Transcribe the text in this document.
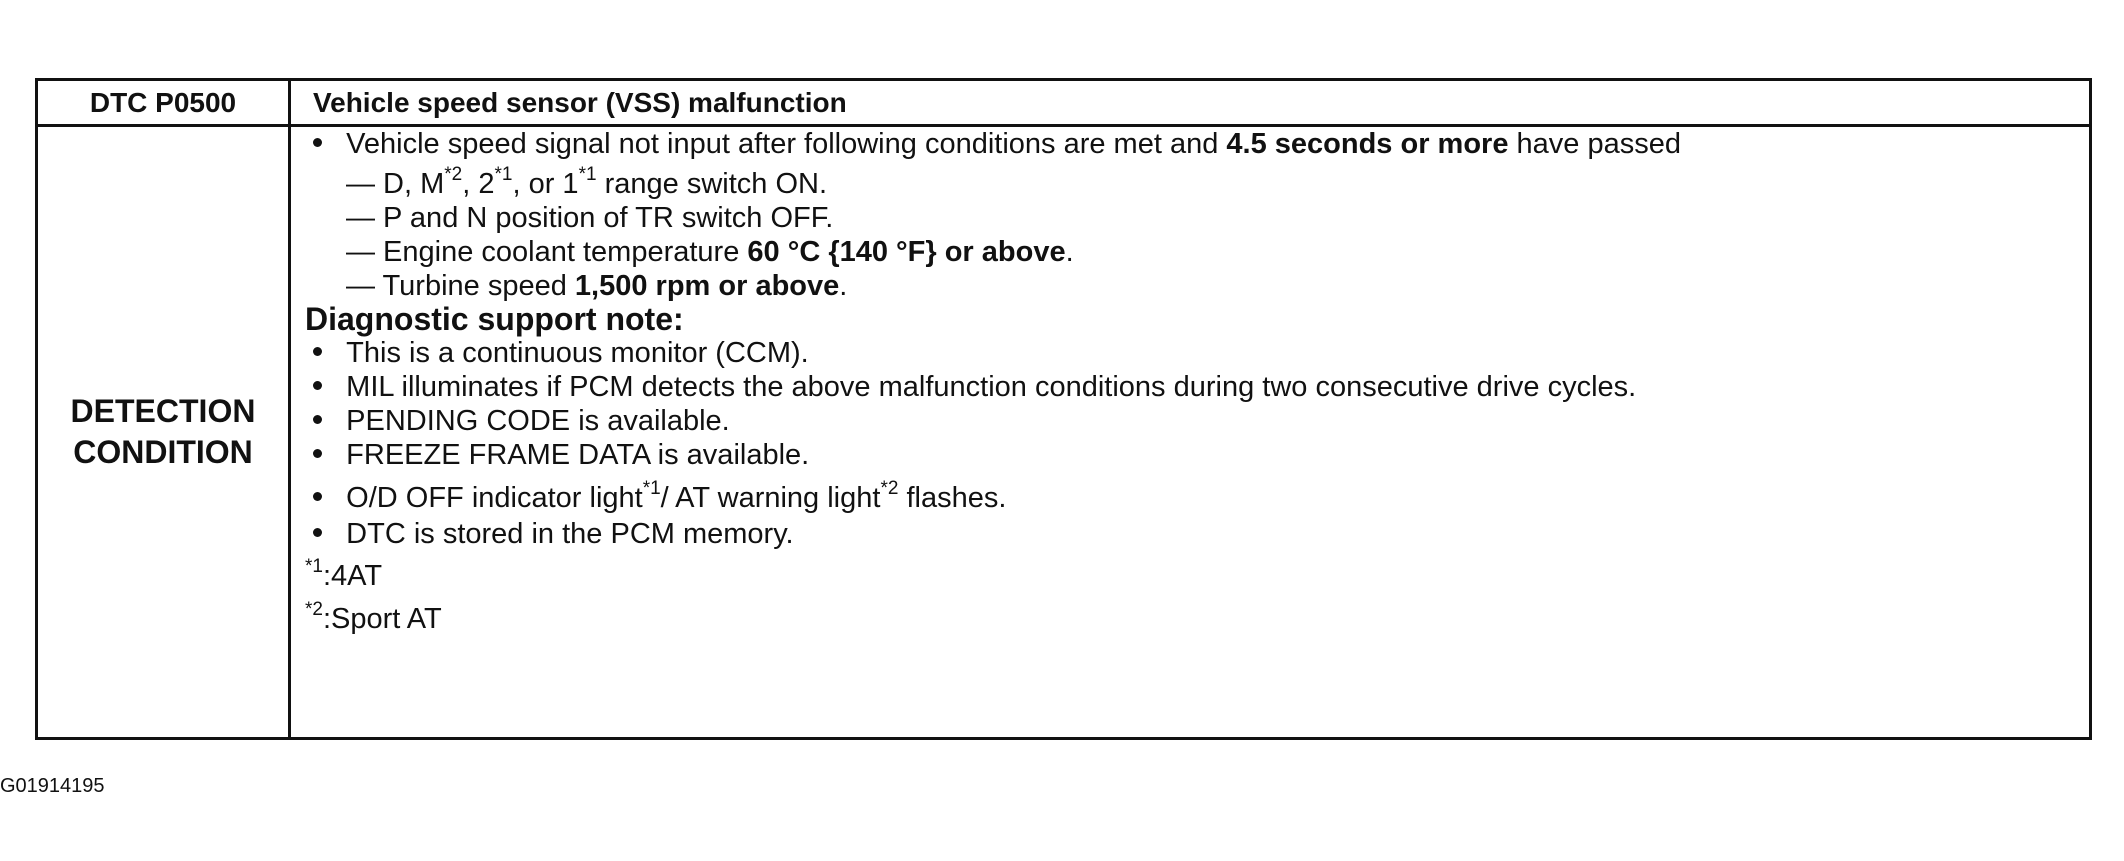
DTC P0500	Vehicle speed sensor (VSS) malfunction
DETECTION
CONDITION
Vehicle speed signal not input after following conditions are met and 4.5 seconds or more have passed
— D, $M^{*2}$, 2$^{*1}$, or 1$^{*1}$ range switch ON.
— P and N position of TR switch OFF.
— Engine coolant temperature 60 °C {140 °F} or above.
— Turbine speed 1,500 rpm or above.
Diagnostic support note:
This is a continuous monitor (CCM).
MIL illuminates if PCM detects the above malfunction conditions during two consecutive drive cycles.
PENDING CODE is available.
FREEZE FRAME DATA is available.
O/D OFF indicator light$^{*1}$/ AT warning light$^{*2}$ flashes.
DTC is stored in the PCM memory.
$^{*1}$:4AT
$^{*2}$:Sport AT
G01914195
